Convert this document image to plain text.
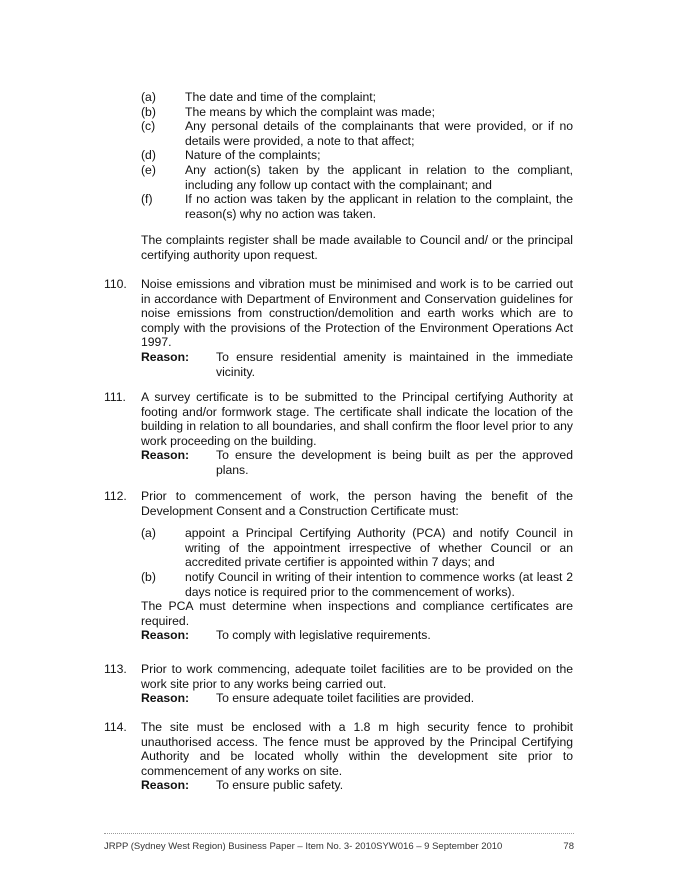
(a) The date and time of the complaint;

(b) The means by which the complaint was made;

(c) Any personal details of the complainants that were provided, or if no details were provided, a note to that affect;

(d) Nature of the complaints;

(e) Any action(s) taken by the applicant in relation to the compliant, including any follow up contact with the complainant; and

(f)	If no action was taken by the applicant in relation to the complaint, the reason(s) why no action was taken.

The complaints register shall be made available to Council and/ or the principal certifying authority upon request.

110. Noise emissions and vibration must be minimised and work is to be carried out in accordance with Department of Environment and Conservation guidelines for noise emissions from construction/demolition and earth works which are to comply with the provisions of the Protection of the Environment Operations Act 1997.

Reason: To ensure residential amenity is maintained in the immediate vicinity.

111. A survey certificate is to be submitted to the Principal certifying Authority at footing and/or formwork stage. The certificate shall indicate the location of the building in relation to all boundaries, and shall confirm the floor level prior to any work proceeding on the building.

Reason: To ensure the development is being built as per the approved plans.

112. Prior to commencement of work, the person having the benefit of the Development Consent and a Construction Certificate must:

(a) appoint a Principal Certifying Authority (PCA) and notify Council in writing of the appointment irrespective of whether Council or an accredited private certifier is appointed within 7 days; and

(b) notify Council in writing of their intention to commence works (at least 2 days notice is required prior to the commencement of works).

The PCA must determine when inspections and compliance certificates are required.

Reason: To comply with legislative requirements.

113. Prior to work commencing, adequate toilet facilities are to be provided on the work site prior to any works being carried out.

Reason: To ensure adequate toilet facilities are provided.

114. The site must be enclosed with a 1.8 m high security fence to prohibit unauthorised access. The fence must be approved by the Principal Certifying Authority and be located wholly within the development site prior to commencement of any works on site.

Reason: To ensure public safety.

JRPP (Sydney West Region) Business Paper – Item No. 3- 2010SYW016 – 9 September 2010	78
